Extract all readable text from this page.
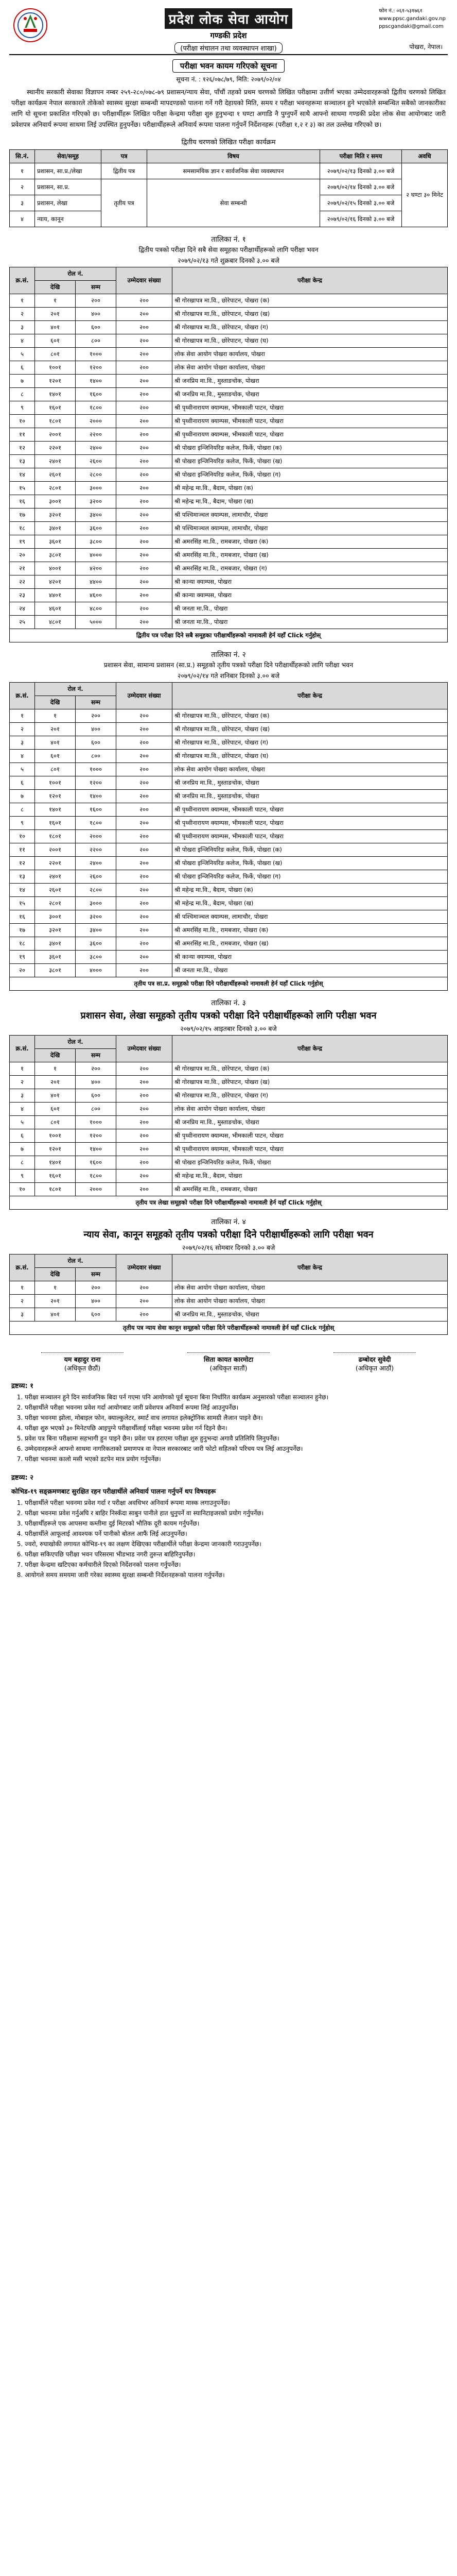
प्रदेश लोक सेवा आयोग
गण्डकी प्रदेश
(परीक्षा संचालन तथा व्यवस्थापन शाखा)
फोन नं.: ०६१-५३१७६१
www.ppsc.gandaki.gov.np
ppscgandaki@gmail.com
पोखरा, नेपाल।
परीक्षा भवन कायम गरिएको सूचना
सूचना नं. : १२६/०७८/७९, मिति: २०७९/०२/०४

स्थानीय सरकारी सेवाका विज्ञापन नम्बर २५९-२८०/०७८-७९ प्रशासन/न्याय सेवा, पाँचौं तहको प्रथम चरणको लिखित परीक्षामा उत्तीर्ण भएका उम्मेदवारहरूको द्वितीय चरणको लिखित परीक्षा कार्यक्रम नेपाल सरकारले तोकेको स्वास्थ्य सुरक्षा सम्बन्धी मापदण्डको पालना गर्ने गरी देहायको मिति, समय र परीक्षा भवनहरूमा सञ्चालन हुने भएकोले सम्बन्धित सबैको जानकारीका लागि यो सूचना प्रकाशित गरिएको छ। परीक्षार्थीहरू लिखित परीक्षा केन्द्रमा परीक्षा शुरु हुनुभन्दा १ घण्टा अगाडि नै पुग्नुपर्ने साथै आफ्नो साथमा गण्डकी प्रदेश लोक सेवा आयोगबाट जारी प्रवेशपत्र अनिवार्य रूपमा साथमा लिई उपस्थित हुनुपर्नेछ। परीक्षार्थीहरूले अनिवार्य रूपमा पालना गर्नुपर्ने निर्देशनहरू (परीक्षा १,२ र ३) का तल उल्लेख गरिएको छ।

द्वितीय चरणको लिखित परीक्षा कार्यक्रम
सि.नं.	सेवा/समूह	पत्र	विषय	परीक्षा मिति र समय	अवधि
१	प्रशासन, सा.प्र./लेखा	द्वितीय पत्र	समसामयिक ज्ञान र सार्वजनिक सेवा व्यवस्थापन	२०७९/०२/१३ दिनको ३.०० बजे	२ घण्टा ३० मिनेट
२	प्रशासन, सा.प्र.	तृतीय पत्र	सेवा सम्बन्धी	२०७९/०२/१४ दिनको ३.०० बजे	
३	प्रशासन, लेखा			२०७९/०२/१५ दिनको ३.०० बजे	
४	न्याय, कानून			२०७९/०२/१६ दिनको ३.०० बजे	
तालिका नं. १
द्वितीय पत्रको परीक्षा दिने सबै सेवा समूहका परीक्षार्थीहरूको लागि परीक्षा भवन
२०७९/०२/१३ गते शुक्रबार दिनको ३.०० बजे
क्र.सं.	रोल नं.		उम्मेदवार संख्या	परीक्षा केन्द्र
	देखि	सम्म		
१	१	२००	२००	श्री गोरखापत्र मा.वि., छोरेपाटन, पोखरा (क)
२	२०१	४००	२००	श्री गोरखापत्र मा.वि., छोरेपाटन, पोखरा (ख)
३	४०१	६००	२००	श्री गोरखापत्र मा.वि., छोरेपाटन, पोखरा (ग)
४	६०१	८००	२००	श्री गोरखापत्र मा.वि., छोरेपाटन, पोखरा (घ)
५	८०१	१०००	२००	लोक सेवा आयोग पोखरा कार्यालय, पोखरा
६	१००१	१२००	२००	लोक सेवा आयोग पोखरा कार्यालय, पोखरा
७	१२०१	१४००	२००	श्री जनप्रिय मा.वि., मुस्ताङचोक, पोखरा
८	१४०१	१६००	२००	श्री जनप्रिय मा.वि., मुस्ताङचोक, पोखरा
९	१६०१	१८००	२००	श्री पृथ्वीनारायण क्याम्पस, भीमकाली पाटन, पोखरा
१०	१८०१	२०००	२००	श्री पृथ्वीनारायण क्याम्पस, भीमकाली पाटन, पोखरा
११	२००१	२२००	२००	श्री पृथ्वीनारायण क्याम्पस, भीमकाली पाटन, पोखरा
१२	२२०१	२४००	२००	श्री पोखरा इन्जिनियरिङ कलेज, फिर्के, पोखरा (क)
१३	२४०१	२६००	२००	श्री पोखरा इन्जिनियरिङ कलेज, फिर्के, पोखरा (ख)
१४	२६०१	२८००	२००	श्री पोखरा इन्जिनियरिङ कलेज, फिर्के, पोखरा (ग)
१५	२८०१	३०००	२००	श्री महेन्द्र मा.वि., बैदाम, पोखरा (क)
१६	३००१	३२००	२००	श्री महेन्द्र मा.वि., बैदाम, पोखरा (ख)
१७	३२०१	३४००	२००	श्री पश्चिमाञ्चल क्याम्पस, लामाचौर, पोखरा
१८	३४०१	३६००	२००	श्री पश्चिमाञ्चल क्याम्पस, लामाचौर, पोखरा
१९	३६०१	३८००	२००	श्री अमरसिंह मा.वि., रामबजार, पोखरा (क)
२०	३८०१	४०००	२००	श्री अमरसिंह मा.वि., रामबजार, पोखरा (ख)
२१	४००१	४२००	२००	श्री अमरसिंह मा.वि., रामबजार, पोखरा (ग)
२२	४२०१	४४००	२००	श्री कान्या क्याम्पस, पोखरा
२३	४४०१	४६००	२००	श्री कान्या क्याम्पस, पोखरा
२४	४६०१	४८००	२००	श्री जनता मा.वि., पोखरा
२५	४८०१	५०००	२००	श्री जनता मा.वि., पोखरा
द्वितीय पत्र परीक्षा दिने सबै समूहका परीक्षार्थीहरूको नामावली हेर्न यहाँ Click गर्नुहोस्				
तालिका नं. २
प्रशासन सेवा, सामान्य प्रशासन (सा.प्र.) समूहको तृतीय पत्रको परीक्षा दिने परीक्षार्थीहरूको लागि परीक्षा भवन
२०७९/०२/१४ गते शनिबार दिनको ३.०० बजे
क्र.सं.	रोल नं.		उम्मेदवार संख्या	परीक्षा केन्द्र
	देखि	सम्म		
१	१	२००	२००	श्री गोरखापत्र मा.वि., छोरेपाटन, पोखरा (क)
२	२०१	४००	२००	श्री गोरखापत्र मा.वि., छोरेपाटन, पोखरा (ख)
३	४०१	६००	२००	श्री गोरखापत्र मा.वि., छोरेपाटन, पोखरा (ग)
४	६०१	८००	२००	श्री गोरखापत्र मा.वि., छोरेपाटन, पोखरा (घ)
५	८०१	१०००	२००	लोक सेवा आयोग पोखरा कार्यालय, पोखरा
६	१००१	१२००	२००	श्री जनप्रिय मा.वि., मुस्ताङचोक, पोखरा
७	१२०१	१४००	२००	श्री जनप्रिय मा.वि., मुस्ताङचोक, पोखरा
८	१४०१	१६००	२००	श्री पृथ्वीनारायण क्याम्पस, भीमकाली पाटन, पोखरा
९	१६०१	१८००	२००	श्री पृथ्वीनारायण क्याम्पस, भीमकाली पाटन, पोखरा
१०	१८०१	२०००	२००	श्री पृथ्वीनारायण क्याम्पस, भीमकाली पाटन, पोखरा
११	२००१	२२००	२००	श्री पोखरा इन्जिनियरिङ कलेज, फिर्के, पोखरा (क)
१२	२२०१	२४००	२००	श्री पोखरा इन्जिनियरिङ कलेज, फिर्के, पोखरा (ख)
१३	२४०१	२६००	२००	श्री पोखरा इन्जिनियरिङ कलेज, फिर्के, पोखरा (ग)
१४	२६०१	२८००	२००	श्री महेन्द्र मा.वि., बैदाम, पोखरा (क)
१५	२८०१	३०००	२००	श्री महेन्द्र मा.वि., बैदाम, पोखरा (ख)
१६	३००१	३२००	२००	श्री पश्चिमाञ्चल क्याम्पस, लामाचौर, पोखरा
१७	३२०१	३४००	२००	श्री अमरसिंह मा.वि., रामबजार, पोखरा (क)
१८	३४०१	३६००	२००	श्री अमरसिंह मा.वि., रामबजार, पोखरा (ख)
१९	३६०१	३८००	२००	श्री कान्या क्याम्पस, पोखरा
२०	३८०१	४०००	२००	श्री जनता मा.वि., पोखरा
तृतीय पत्र सा.प्र. समूहको परीक्षा दिने परीक्षार्थीहरूको नामावली हेर्न यहाँ Click गर्नुहोस्				
तालिका नं. ३
प्रशासन सेवा, लेखा समूहको तृतीय पत्रको परीक्षा दिने परीक्षार्थीहरूको लागि परीक्षा भवन
२०७९/०२/१५ आइतबार दिनको ३.०० बजे
क्र.सं.	रोल नं.		उम्मेदवार संख्या	परीक्षा केन्द्र
	देखि	सम्म		
१	१	२००	२००	श्री गोरखापत्र मा.वि., छोरेपाटन, पोखरा (क)
२	२०१	४००	२००	श्री गोरखापत्र मा.वि., छोरेपाटन, पोखरा (ख)
३	४०१	६००	२००	श्री गोरखापत्र मा.वि., छोरेपाटन, पोखरा (ग)
४	६०१	८००	२००	लोक सेवा आयोग पोखरा कार्यालय, पोखरा
५	८०१	१०००	२००	श्री जनप्रिय मा.वि., मुस्ताङचोक, पोखरा
६	१००१	१२००	२००	श्री पृथ्वीनारायण क्याम्पस, भीमकाली पाटन, पोखरा
७	१२०१	१४००	२००	श्री पृथ्वीनारायण क्याम्पस, भीमकाली पाटन, पोखरा
८	१४०१	१६००	२००	श्री पोखरा इन्जिनियरिङ कलेज, फिर्के, पोखरा
९	१६०१	१८००	२००	श्री महेन्द्र मा.वि., बैदाम, पोखरा
१०	१८०१	२०००	२००	श्री अमरसिंह मा.वि., रामबजार, पोखरा
तृतीय पत्र लेखा समूहको परीक्षा दिने परीक्षार्थीहरूको नामावली हेर्न यहाँ Click गर्नुहोस्				
तालिका नं. ४
न्याय सेवा, कानून समूहको तृतीय पत्रको परीक्षा दिने परीक्षार्थीहरूको लागि परीक्षा भवन
२०७९/०२/१६ सोमबार दिनको ३.०० बजे
क्र.सं.	रोल नं.		उम्मेदवार संख्या	परीक्षा केन्द्र
	देखि	सम्म		
१	१	२००	२००	लोक सेवा आयोग पोखरा कार्यालय, पोखरा
२	२०१	४००	२००	लोक सेवा आयोग पोखरा कार्यालय, पोखरा
३	४०१	६००	२००	श्री जनप्रिय मा.वि., मुस्ताङचोक, पोखरा
तृतीय पत्र न्याय सेवा कानून समूहको परीक्षा दिने परीक्षार्थीहरूको नामावली हेर्न यहाँ Click गर्नुहोस्				
यम बहादुर राना
(अधिकृत छैठौं)
सिता कायत कारमोटा
(अधिकृत सातौं)
ढम्बोदर सुवेदी
(अधिकृत आठौं)
द्रष्टव्य: १
1. परीक्षा सञ्चालन हुने दिन सार्वजनिक बिदा पर्न गएमा पनि आयोगको पूर्व सूचना बिना निर्धारित कार्यक्रम अनुसारको परीक्षा सञ्चालन हुनेछ।
2. परीक्षार्थीले परीक्षा भवनमा प्रवेश गर्दा आयोगबाट जारी प्रवेशपत्र अनिवार्य रूपमा लिई आउनुपर्नेछ।
3. परीक्षा भवनमा झोला, मोबाइल फोन, क्याल्कुलेटर, स्मार्ट वाच लगायत इलेक्ट्रोनिक सामग्री लैजान पाइने छैन।
4. परीक्षा शुरु भएको ३० मिनेटपछि आइपुग्ने परीक्षार्थीलाई परीक्षा भवनमा प्रवेश गर्न दिइने छैन।
5. प्रवेश पत्र बिना परीक्षामा सहभागी हुन पाइने छैन। प्रवेश पत्र हराएमा परीक्षा शुरु हुनुभन्दा अगावै प्रतिलिपि लिनुपर्नेछ।
6. उम्मेदवारहरूले आफ्नो साथमा नागरिकताको प्रमाणपत्र वा नेपाल सरकारबाट जारी फोटो सहितको परिचय पत्र लिई आउनुपर्नेछ।
7. परीक्षा भवनमा कालो मसी भएको डटपेन मात्र प्रयोग गर्नुपर्नेछ।
द्रष्टव्य: २
कोभिड-१९ सङ्क्रमणबाट सुरक्षित रहन परीक्षार्थीले अनिवार्य पालना गर्नुपर्ने थप विषयहरू
1. परीक्षार्थीले परीक्षा भवनमा प्रवेश गर्दा र परीक्षा अवधिभर अनिवार्य रूपमा मास्क लगाउनुपर्नेछ।
2. परीक्षा भवनमा प्रवेश गर्नुअघि र बाहिर निस्कँदा साबुन पानीले हात धुनुपर्ने वा स्यानिटाइजरको प्रयोग गर्नुपर्नेछ।
3. परीक्षार्थीहरूले एक आपसमा कम्तीमा दुई मिटरको भौतिक दूरी कायम गर्नुपर्नेछ।
4. परीक्षार्थीले आफूलाई आवश्यक पर्ने पानीको बोतल आफैं लिई आउनुपर्नेछ।
5. ज्वरो, रुघाखोकी लगायत कोभिड-१९ का लक्षण देखिएका परीक्षार्थीले परीक्षा केन्द्रमा जानकारी गराउनुपर्नेछ।
6. परीक्षा सकिएपछि परीक्षा भवन परिसरमा भीडभाड नगरी तुरुन्त बाहिरिनुपर्नेछ।
7. परीक्षा केन्द्रमा खटिएका कर्मचारीले दिएको निर्देशनको पालना गर्नुपर्नेछ।
8. आयोगले समय समयमा जारी गरेका स्वास्थ्य सुरक्षा सम्बन्धी निर्देशनहरूको पालना गर्नुपर्नेछ।
